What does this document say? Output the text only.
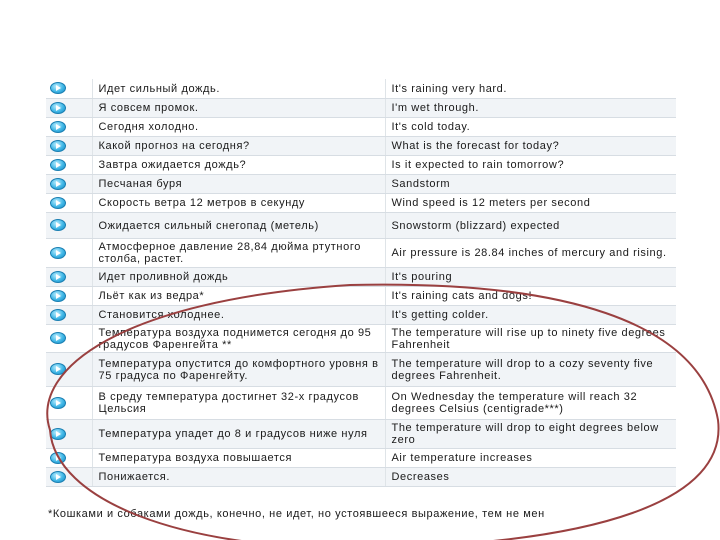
	Идет сильный дождь.	It's raining very hard.
	Я совсем промок.	I'm wet through.
	Сегодня холодно.	It's cold today.
	Какой прогноз на сегодня?	What is the forecast for today?
	Завтра ожидается дождь?	Is it expected to rain tomorrow?
	Песчаная буря	Sandstorm
	Скорость ветра 12 метров в секунду	Wind speed is 12 meters per second
	Ожидается сильный снегопад (метель)	Snowstorm (blizzard) expected
	Атмосферное давление 28,84 дюйма ртутного столба, растет.	Air pressure is 28.84 inches of mercury and rising.
	Идет проливной дождь	It's pouring
	Льёт как из ведра*	It's raining cats and dogs!
	Становится холоднее.	It's getting colder.
	Температура воздуха поднимется сегодня до 95 градусов Фаренгейта **	The temperature will rise up to ninety five degrees Fahrenheit
	Температура опустится до комфортного уровня в 75 градуса по Фаренгейту.	The temperature will drop to a cozy seventy five degrees Fahrenheit.
	В среду температура достигнет 32-х градусов Цельсия	On Wednesday the temperature will reach 32 degrees Celsius (centigrade***)
	Температура упадет до 8 и градусов ниже нуля	The temperature will drop to eight degrees below zero
	Температура воздуха повышается	Air temperature increases
	Понижается.	Decreases
*Кошками и собаками дождь, конечно, не идет, но устоявшееся выражение, тем не мен
